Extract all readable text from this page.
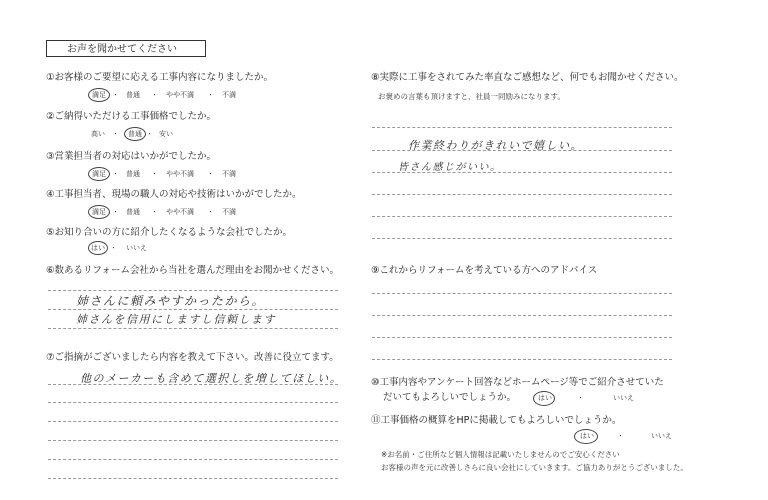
お声を聞かせてください
①お客様のご要望に応える工事内容になりましたか。
満足 ・ 普通 ・ やや不満 ・ 不満
②ご納得いただける工事価格でしたか。
高い ・ 普通 ・ 安い
③営業担当者の対応はいかがでしたか。
満足 ・ 普通 ・ やや不満 ・ 不満
④工事担当者、現場の職人の対応や技術はいかがでしたか。
満足 ・ 普通 ・ やや不満 ・ 不満
⑤お知り合いの方に紹介したくなるような会社でしたか。
はい ・ いいえ
⑥数あるリフォーム会社から当社を選んだ理由をお聞かせください。
姉さんに頼みやすかったから。
姉さんを信用にしますし信頼します
⑦ご指摘がございましたら内容を教えて下さい。改善に役立てます。
他のメーカーも含めて選択しを増してほしい。
⑧実際に工事をされてみた率直なご感想など、何でもお聞かせください。
お褒めの言葉も頂けますと、社員一同励みになります。
作業終わりがきれいで嬉しい。
皆さん感じがいい。
⑨これからリフォームを考えている方へのアドバイス
⑩工事内容やアンケート回答などホームページ等でご紹介させていた
だいてもよろしいでしょうか。	はい	・	いいえ
⑪工事価格の概算をHPに掲載してもよろしいでしょうか。
はい	・	いいえ
※お名前・ご住所など個人情報は記載いたしませんのでご安心ください
お客様の声を元に改善しさらに良い会社にしていきます。ご協力ありがとうございました。
